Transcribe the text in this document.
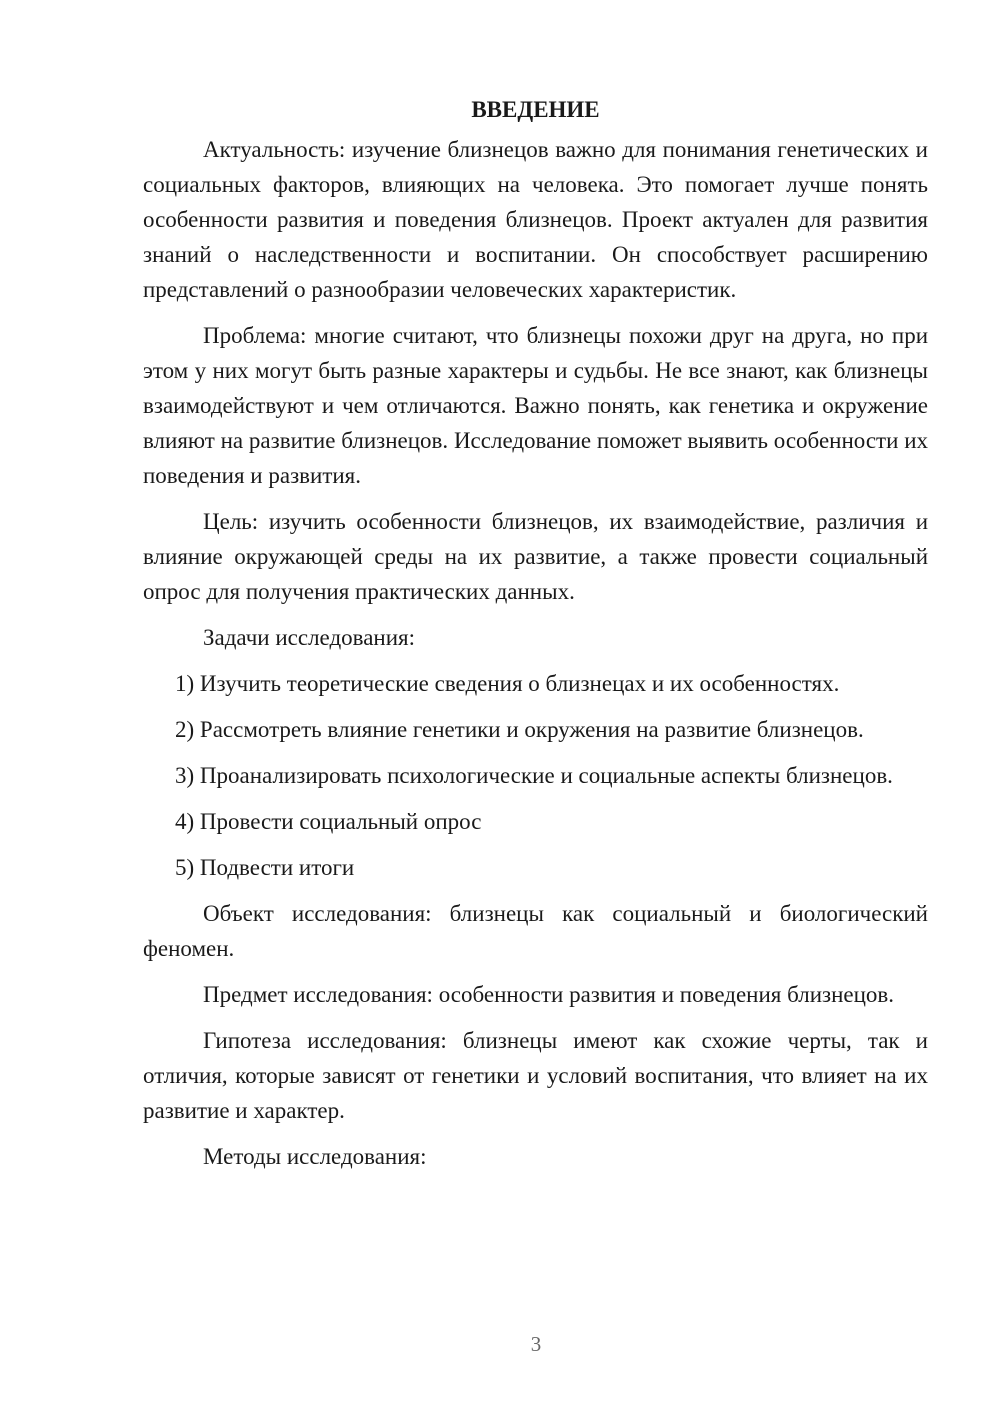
ВВЕДЕНИЕ

Актуальность: изучение близнецов важно для понимания генетических и социальных факторов, влияющих на человека. Это помогает лучше понять особенности развития и поведения близнецов. Проект актуален для развития знаний о наследственности и воспитании. Он способствует расширению представлений о разнообразии человеческих характеристик.

Проблема: многие считают, что близнецы похожи друг на друга, но при этом у них могут быть разные характеры и судьбы. Не все знают, как близнецы взаимодействуют и чем отличаются. Важно понять, как генетика и окружение влияют на развитие близнецов. Исследование поможет выявить особенности их поведения и развития.

Цель: изучить особенности близнецов, их взаимодействие, различия и влияние окружающей среды на их развитие, а также провести социальный опрос для получения практических данных.

Задачи исследования:

1) Изучить теоретические сведения о близнецах и их особенностях.

2) Рассмотреть влияние генетики и окружения на развитие близнецов.

3) Проанализировать психологические и социальные аспекты близнецов.

4) Провести социальный опрос

5) Подвести итоги

Объект исследования: близнецы как социальный и биологический феномен.

Предмет исследования: особенности развития и поведения близнецов.

Гипотеза исследования: близнецы имеют как схожие черты, так и отличия, которые зависят от генетики и условий воспитания, что влияет на их развитие и характер.

Методы исследования:

3
